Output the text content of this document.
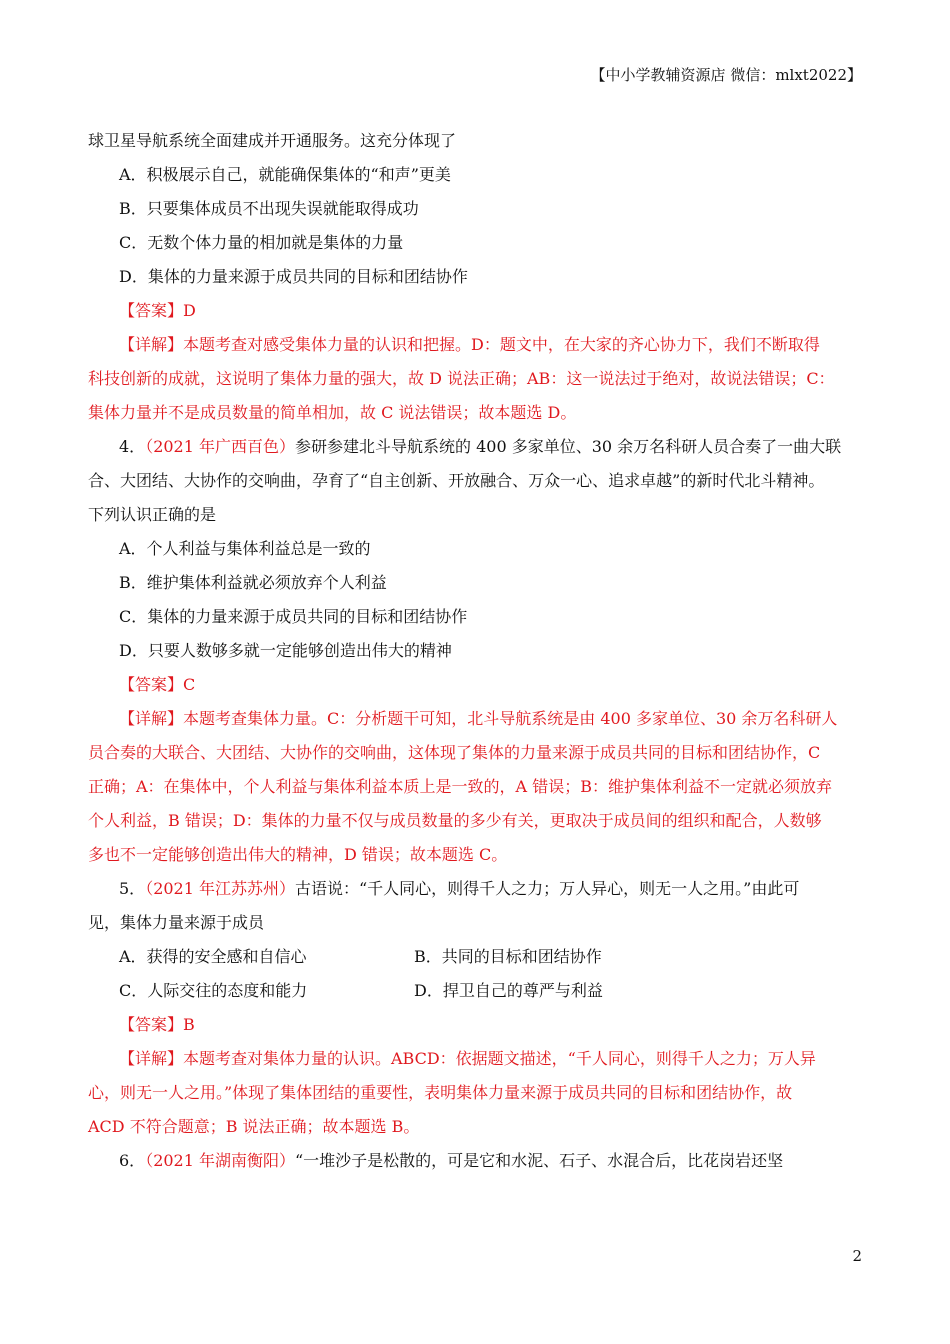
【中小学教辅资源店 微信：mlxt2022】
球卫星导航系统全面建成并开通服务。这充分体现了
A．积极展示自己，就能确保集体的“和声”更美
B．只要集体成员不出现失误就能取得成功
C．无数个体力量的相加就是集体的力量
D．集体的力量来源于成员共同的目标和团结协作
【答案】D
【详解】本题考查对感受集体力量的认识和把握。D：题文中，在大家的齐心协力下，我们不断取得
科技创新的成就，这说明了集体力量的强大，故 D 说法正确；AB：这一说法过于绝对，故说法错误；C：
集体力量并不是成员数量的简单相加，故 C 说法错误；故本题选 D。
4．（2021 年广西百色）参研参建北斗导航系统的 400 多家单位、30 余万名科研人员合奏了一曲大联
合、大团结、大协作的交响曲，孕育了“自主创新、开放融合、万众一心、追求卓越”的新时代北斗精神。
下列认识正确的是
A．个人利益与集体利益总是一致的
B．维护集体利益就必须放弃个人利益
C．集体的力量来源于成员共同的目标和团结协作
D．只要人数够多就一定能够创造出伟大的精神
【答案】C
【详解】本题考查集体力量。C：分析题干可知，北斗导航系统是由 400 多家单位、30 余万名科研人
员合奏的大联合、大团结、大协作的交响曲，这体现了集体的力量来源于成员共同的目标和团结协作，C
正确；A：在集体中，个人利益与集体利益本质上是一致的，A 错误；B：维护集体利益不一定就必须放弃
个人利益，B 错误；D：集体的力量不仅与成员数量的多少有关，更取决于成员间的组织和配合，人数够
多也不一定能够创造出伟大的精神，D 错误；故本题选 C。
5．（2021 年江苏苏州）古语说：“千人同心，则得千人之力；万人异心，则无一人之用。”由此可
见，集体力量来源于成员
A．获得的安全感和自信心	B．共同的目标和团结协作
C．人际交往的态度和能力	D．捍卫自己的尊严与利益
【答案】B
【详解】本题考查对集体力量的认识。ABCD：依据题文描述，“千人同心，则得千人之力；万人异
心，则无一人之用。”体现了集体团结的重要性，表明集体力量来源于成员共同的目标和团结协作，故
ACD 不符合题意；B 说法正确；故本题选 B。
6．（2021 年湖南衡阳）“一堆沙子是松散的，可是它和水泥、石子、水混合后，比花岗岩还坚
2
